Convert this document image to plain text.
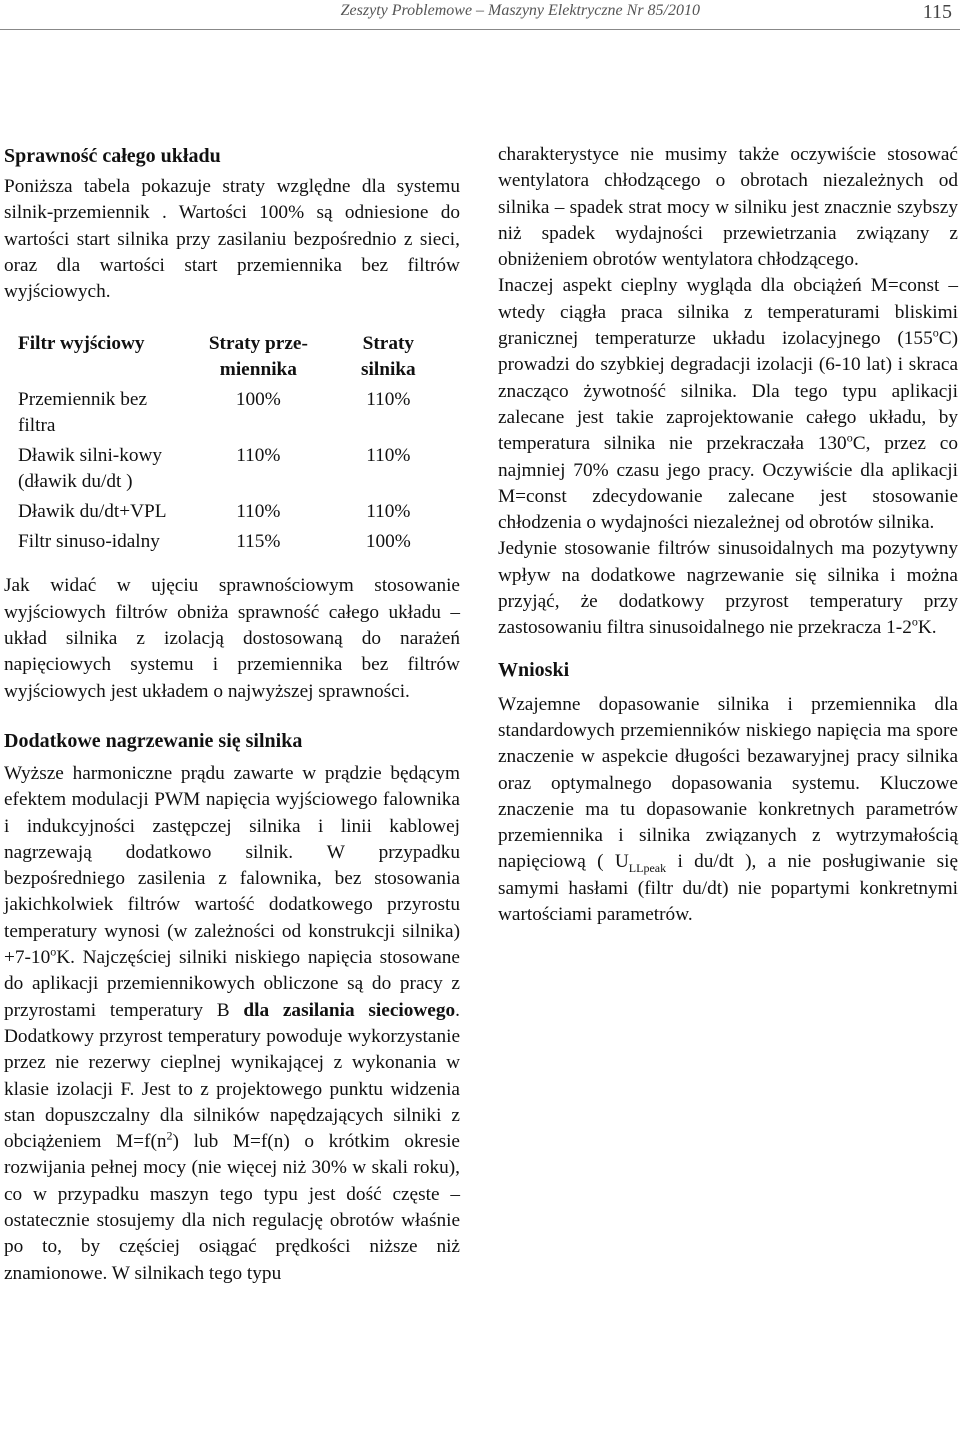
Zeszyty Problemowe – Maszyny Elektryczne Nr 85/2010	115
Sprawność całego układu

Poniższa tabela pokazuje straty względne dla systemu silnik-przemiennik . Wartości 100% są odniesione do wartości start silnika przy zasilaniu bezpośrednio z sieci, oraz dla wartości start przemiennika bez filtrów wyjściowych.

Filtr wyjściowy	Straty prze-miennika	Straty silnika
Przemiennik bez filtra	100%	110%
Dławik silni-kowy (dławik du/dt )	110%	110%
Dławik du/dt+VPL	110%	110%
Filtr sinuso-idalny	115%	100%

Jak widać w ujęciu sprawnościowym stosowanie wyjściowych filtrów obniża sprawność całego układu – układ silnika z izolacją dostosowaną do narażeń napięciowych systemu i przemiennika bez filtrów wyjściowych jest układem o najwyższej sprawności.

Dodatkowe nagrzewanie się silnika

Wyższe harmoniczne prądu zawarte w prądzie będącym efektem modulacji PWM napięcia wyjściowego falownika i indukcyjności zastępczej silnika i linii kablowej nagrzewają dodatkowo silnik. W przypadku bezpośredniego zasilenia z falownika, bez stosowania jakichkolwiek filtrów wartość dodatkowego przyrostu temperatury wynosi (w zależności od konstrukcji silnika) $+7-10^oK$. Najczęściej silniki niskiego napięcia stosowane do aplikacji przemiennikowych obliczone są do pracy z przyrostami temperatury B dla zasilania sieciowego. Dodatkowy przyrost temperatury powoduje wykorzystanie przez nie rezerwy cieplnej wynikającej z wykonania w klasie izolacji F. Jest to z projektowego punktu widzenia stan dopuszczalny dla silników napędzających silniki z obciążeniem $M=f(n^2)$ lub M=f(n) o krótkim okresie rozwijania pełnej mocy (nie więcej niż 30% w skali roku), co w przypadku maszyn tego typu jest dość częste – ostatecznie stosujemy dla nich regulację obrotów właśnie po to, by częściej osiągać prędkości niższe niż znamionowe. W silnikach tego typu

charakterystyce nie musimy także oczywiście stosować wentylatora chłodzącego o obrotach niezależnych od silnika – spadek strat mocy w silniku jest znacznie szybszy niż spadek wydajności przewietrzania związany z obniżeniem obrotów wentylatora chłodzącego.

Inaczej aspekt cieplny wygląda dla obciążeń M=const – wtedy ciągła praca silnika z temperaturami bliskimi granicznej temperaturze układu izolacyjnego (155$^o$C) prowadzi do szybkiej degradacji izolacji (6-10 lat) i skraca znacząco żywotność silnika. Dla tego typu aplikacji zalecane jest takie zaprojektowanie całego układu, by temperatura silnika nie przekraczała 130$^o$C, przez co najmniej 70% czasu jego pracy. Oczywiście dla aplikacji M=const zdecydowanie zalecane jest stosowanie chłodzenia o wydajności niezależnej od obrotów silnika.

Jedynie stosowanie filtrów sinusoidalnych ma pozytywny wpływ na dodatkowe nagrzewanie się silnika i można przyjąć, że dodatkowy przyrost temperatury przy zastosowaniu filtra sinusoidalnego nie przekracza 1-2$^o$K.

Wnioski

Wzajemne dopasowanie silnika i przemiennika dla standardowych przemienników niskiego napięcia ma spore znaczenie w aspekcie długości bezawaryjnej pracy silnika oraz optymalnego dopasowania systemu. Kluczowe znaczenie ma tu dopasowanie konkretnych parametrów przemiennika i silnika związanych z wytrzymałością napięciową ( $U_{LLpeak}$ i du/dt ), a nie posługiwanie się samymi hasłami (filtr du/dt) nie popartymi konkretnymi wartościami parametrów.
